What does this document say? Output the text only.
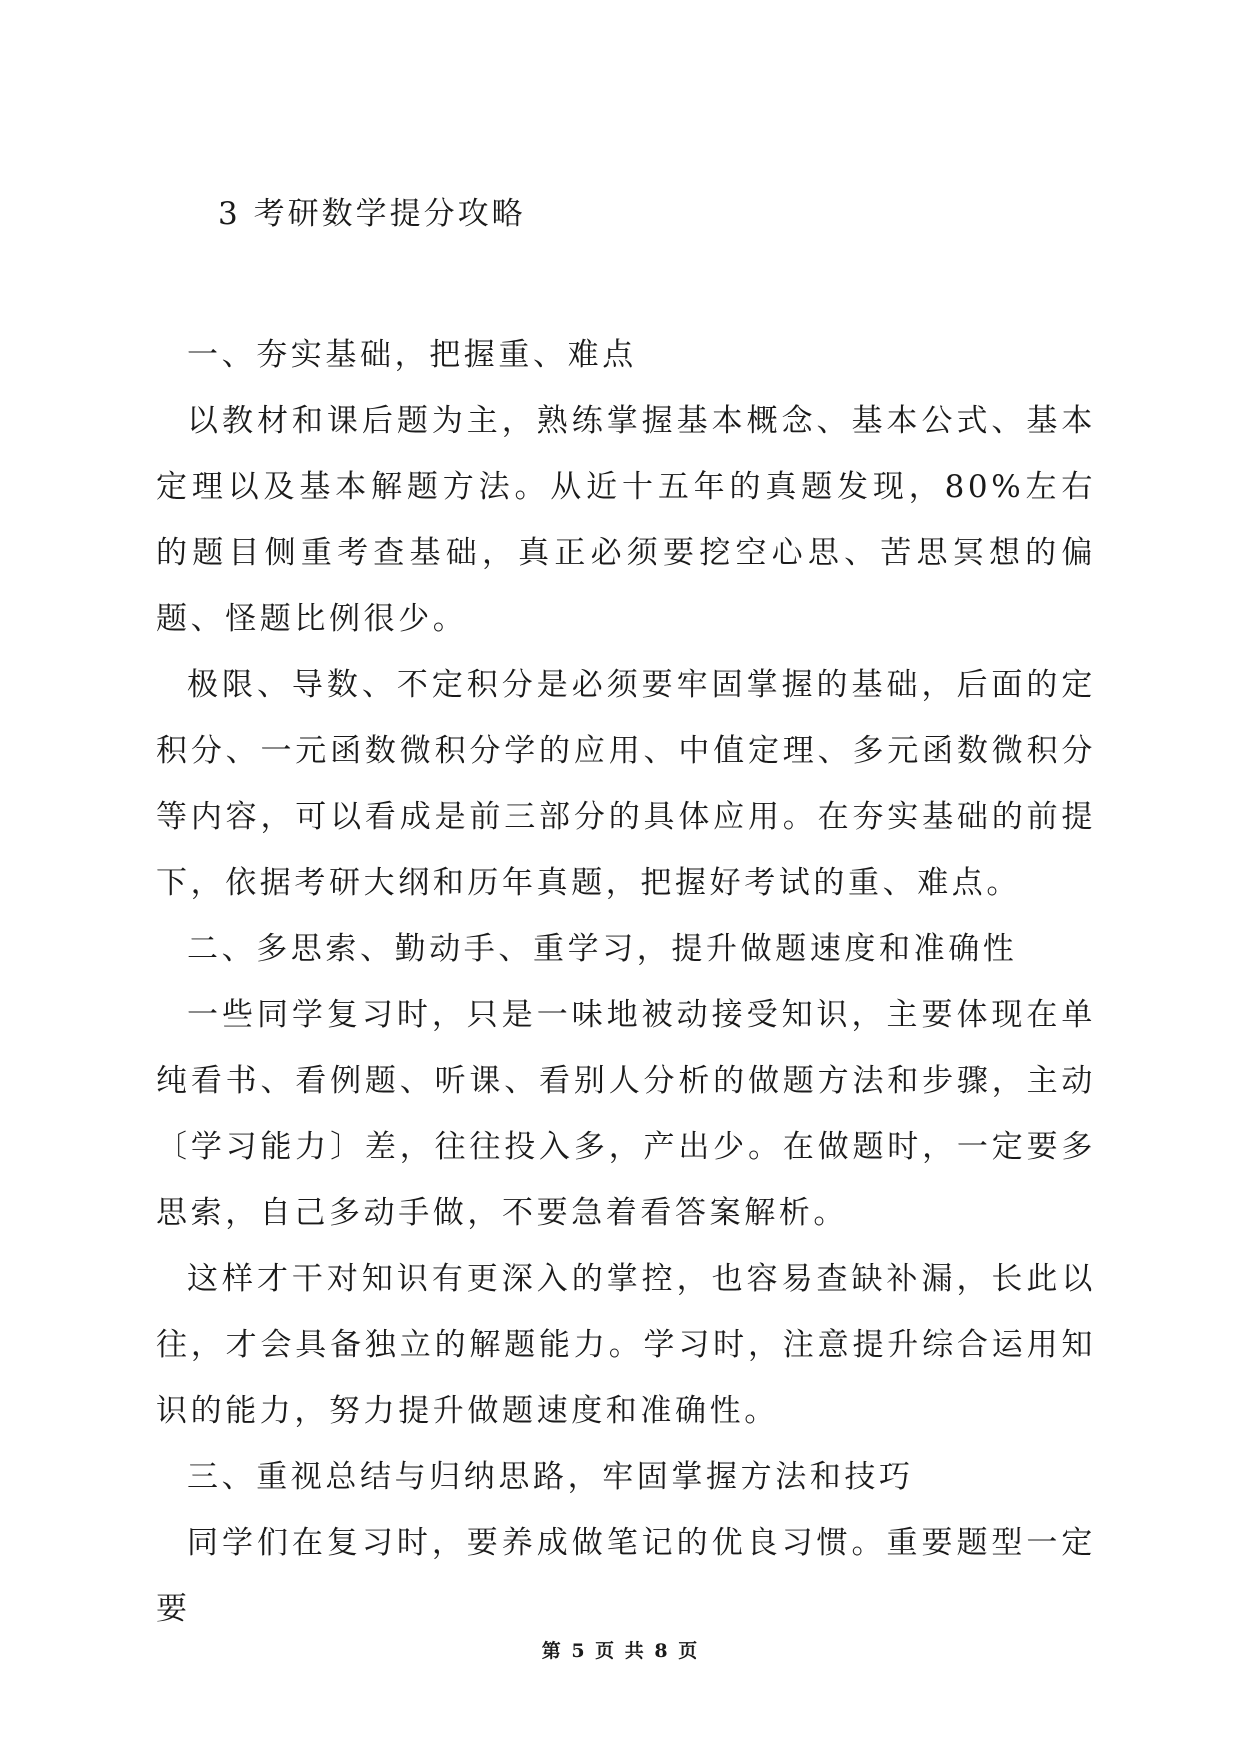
3 考研数学提分攻略

一、夯实基础，把握重、难点

以教材和课后题为主，熟练掌握基本概念、基本公式、基本定理以及基本解题方法。从近十五年的真题发现，80%左右的题目侧重考查基础，真正必须要挖空心思、苦思冥想的偏题、怪题比例很少。

极限、导数、不定积分是必须要牢固掌握的基础，后面的定积分、一元函数微积分学的应用、中值定理、多元函数微积分等内容，可以看成是前三部分的具体应用。在夯实基础的前提下，依据考研大纲和历年真题，把握好考试的重、难点。

二、多思索、勤动手、重学习，提升做题速度和准确性

一些同学复习时，只是一味地被动接受知识，主要体现在单纯看书、看例题、听课、看别人分析的做题方法和步骤，主动〔学习能力〕差，往往投入多，产出少。在做题时，一定要多思索，自己多动手做，不要急着看答案解析。

这样才干对知识有更深入的掌控，也容易查缺补漏，长此以往，才会具备独立的解题能力。学习时，注意提升综合运用知识的能力，努力提升做题速度和准确性。

三、重视总结与归纳思路，牢固掌握方法和技巧

同学们在复习时，要养成做笔记的优良习惯。重要题型一定要

第 5 页 共 8 页
